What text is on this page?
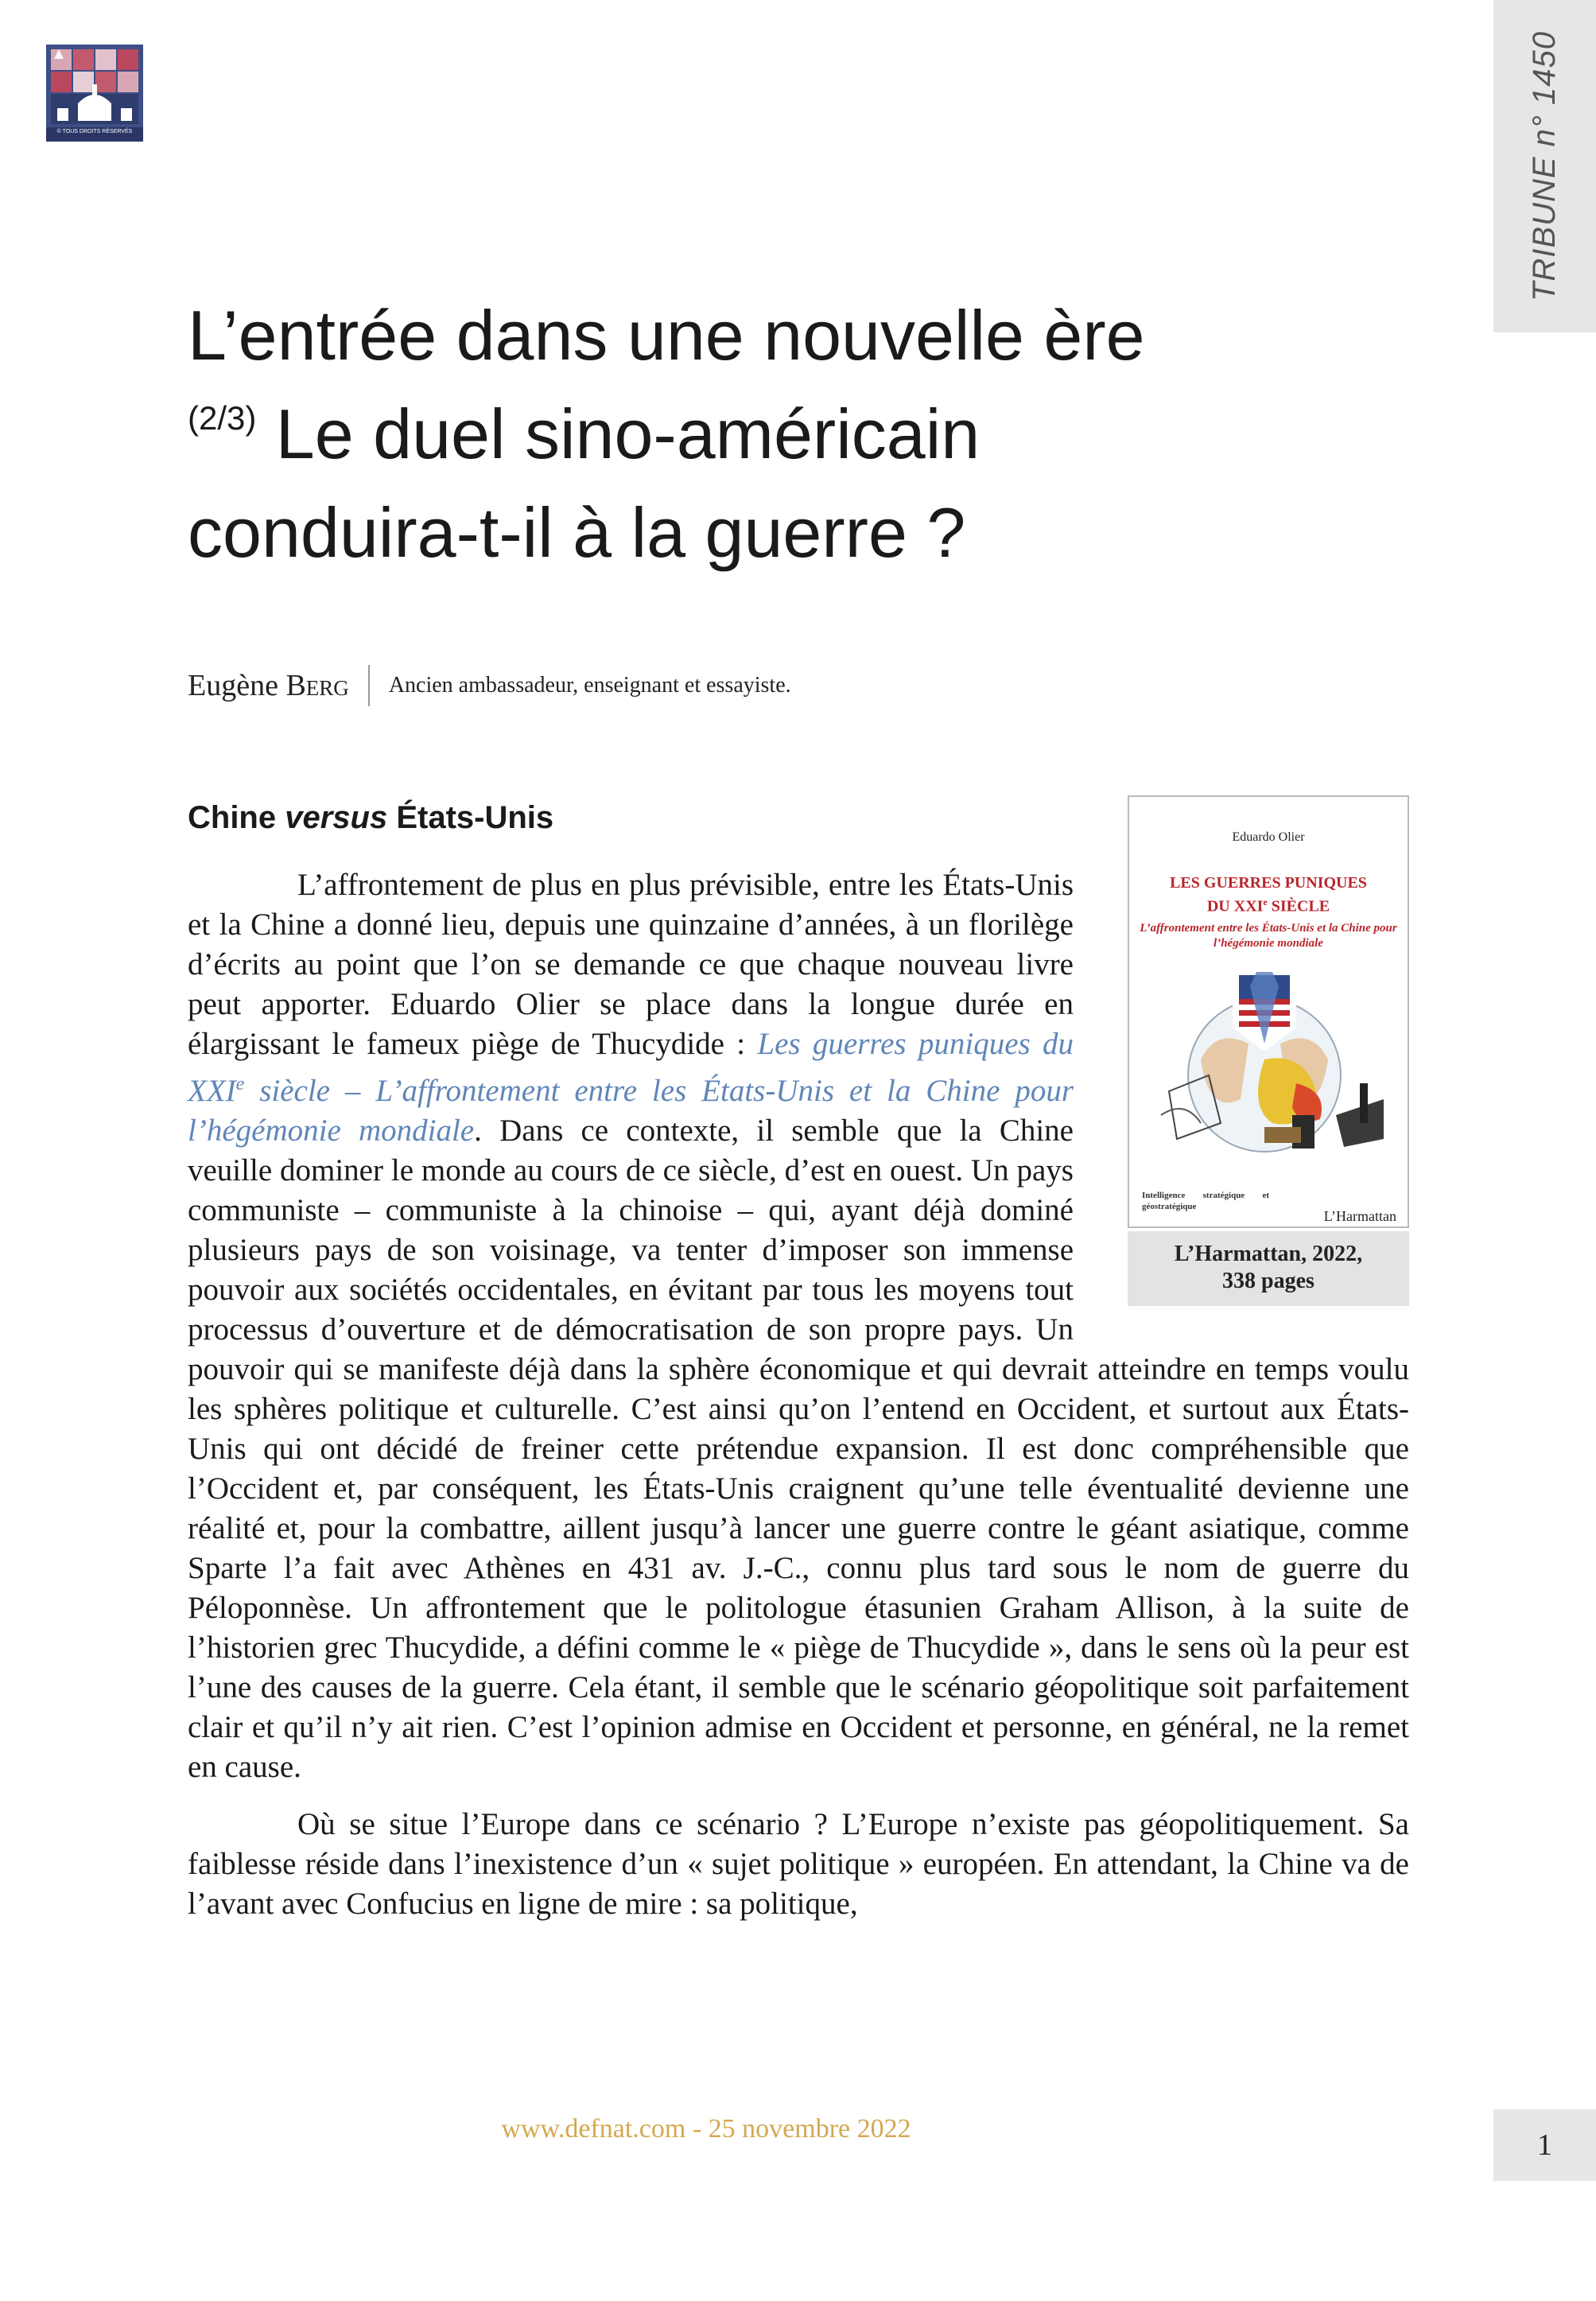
© TOUS DROITS RÉSERVÉS	TRIBUNE n° 1450
L’entrée dans une nouvelle ère
$^{(2/3)}$ Le duel sino-américain
conduira-t-il à la guerre ?
Eugène Berg Ancien ambassadeur, enseignant et essayiste.
Chine versus États-Unis
Eduardo Olier
LES GUERRES PUNIQUES
DU XXIe SIÈCLE
L’affrontement entre les États-Unis et la Chine pour l’hégémonie mondiale
Intelligence stratégique et géostratégique
L’Harmattan
L’Harmattan, 2022,
338 pages

L’affrontement de plus en plus prévisible, entre les États-Unis et la Chine a donné lieu, depuis une quinzaine d’années, à un florilège d’écrits au point que l’on se demande ce que chaque nouveau livre peut apporter. Eduardo Olier se place dans la longue durée en élargissant le fameux piège de Thucydide : Les guerres puniques du XXIe siècle – L’affrontement entre les États-Unis et la Chine pour l’hégémonie mondiale. Dans ce contexte, il semble que la Chine veuille dominer le monde au cours de ce siècle, d’est en ouest. Un pays communiste – communiste à la chinoise – qui, ayant déjà dominé plusieurs pays de son voisinage, va tenter d’imposer son immense pouvoir aux sociétés occidentales, en évitant par tous les moyens tout processus d’ouverture et de démocratisation de son propre pays. Un pouvoir qui se manifeste déjà dans la sphère économique et qui devrait atteindre en temps voulu les sphères politique et culturelle. C’est ainsi qu’on l’entend en Occident, et surtout aux États-Unis qui ont décidé de freiner cette prétendue expansion. Il est donc compréhensible que l’Occident et, par conséquent, les États-Unis craignent qu’une telle éventualité devienne une réalité et, pour la combattre, aillent jusqu’à lancer une guerre contre le géant asiatique, comme Sparte l’a fait avec Athènes en 431 av. J.-C., connu plus tard sous le nom de guerre du Péloponnèse. Un affrontement que le politologue étasunien Graham Allison, à la suite de l’historien grec Thucydide, a défini comme le « piège de Thucydide », dans le sens où la peur est l’une des causes de la guerre. Cela étant, il semble que le scénario géopolitique soit parfaitement clair et qu’il n’y ait rien. C’est l’opinion admise en Occident et personne, en général, ne la remet en cause.

Où se situe l’Europe dans ce scénario ? L’Europe n’existe pas géopolitiquement. Sa faiblesse réside dans l’inexistence d’un « sujet politique » européen. En attendant, la Chine va de l’avant avec Confucius en ligne de mire : sa politique,

www.defnat.com - 25 novembre 2022	1
